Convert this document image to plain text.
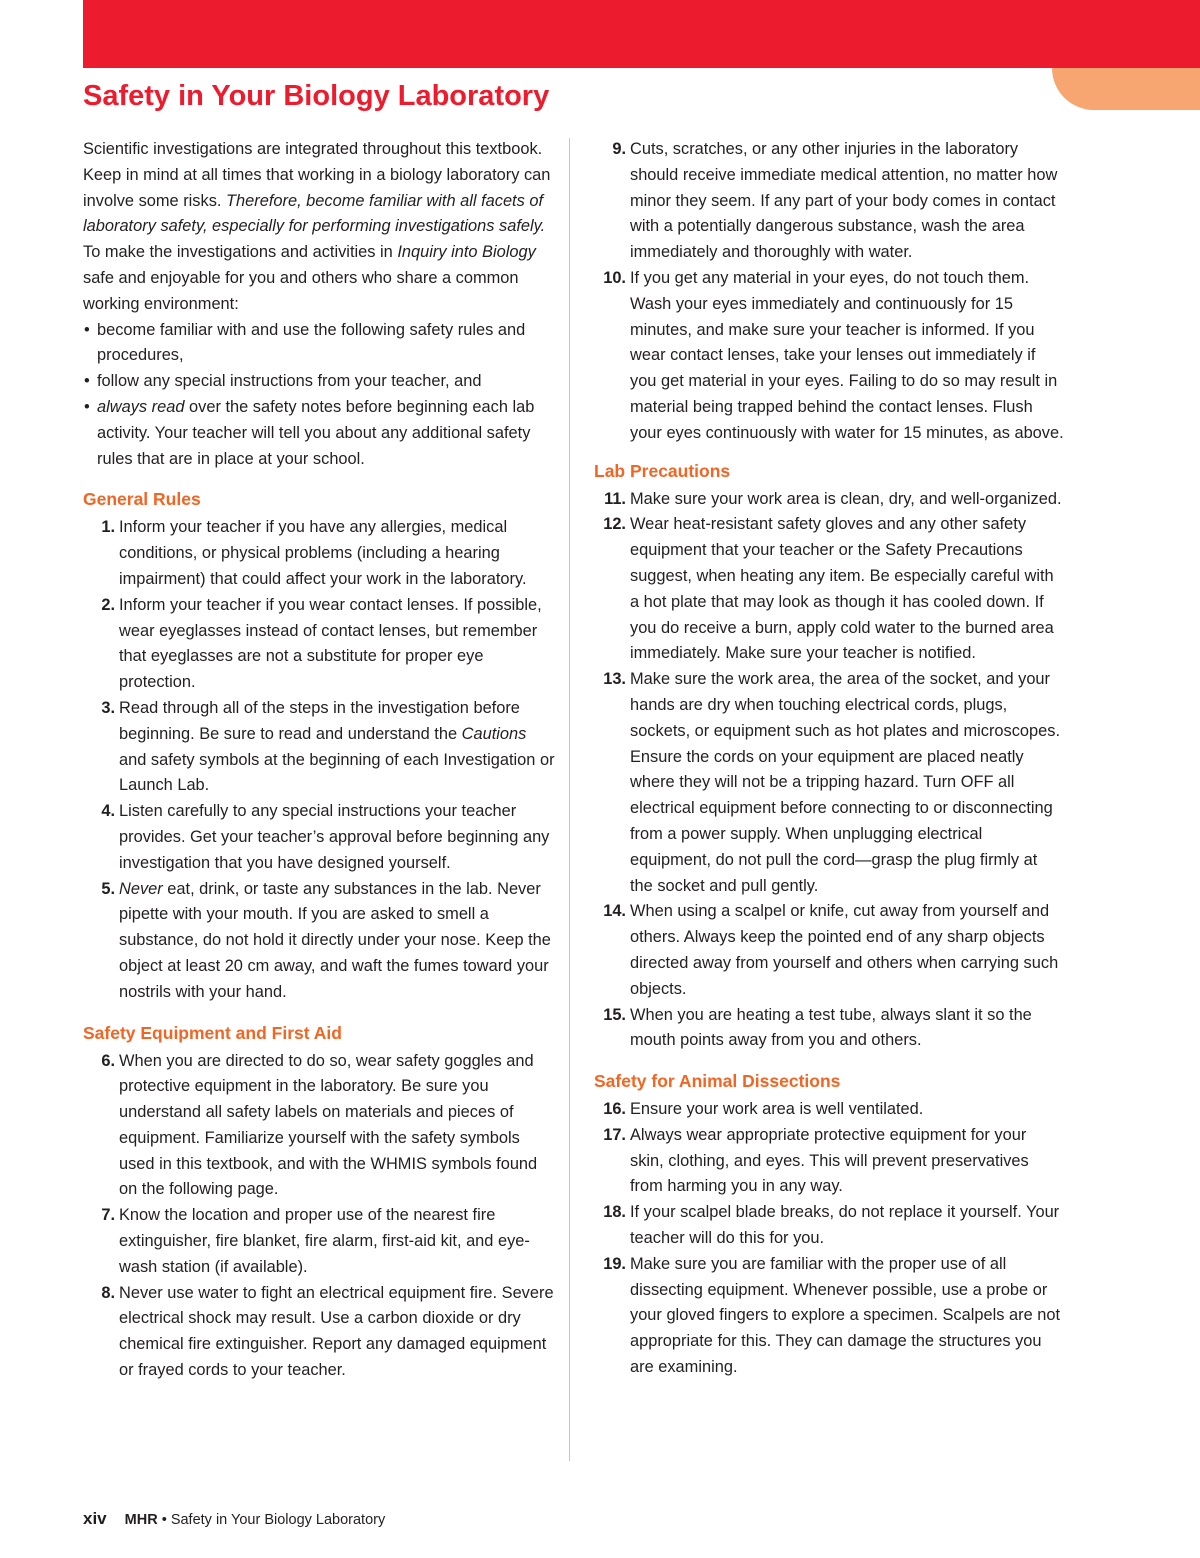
Safety in Your Biology Laboratory

Scientific investigations are integrated throughout this textbook. Keep in mind at all times that working in a biology laboratory can involve some risks. Therefore, become familiar with all facets of laboratory safety, especially for performing investigations safely. To make the investigations and activities in Inquiry into Biology safe and enjoyable for you and others who share a common working environment:

• become familiar with and use the following safety rules and procedures,
• follow any special instructions from your teacher, and
• always read over the safety notes before beginning each lab activity. Your teacher will tell you about any additional safety rules that are in place at your school.
General Rules
1. Inform your teacher if you have any allergies, medical conditions, or physical problems (including a hearing impairment) that could affect your work in the laboratory.
2. Inform your teacher if you wear contact lenses. If possible, wear eyeglasses instead of contact lenses, but remember that eyeglasses are not a substitute for proper eye protection.
3. Read through all of the steps in the investigation before beginning. Be sure to read and understand the Cautions and safety symbols at the beginning of each Investigation or Launch Lab.
4. Listen carefully to any special instructions your teacher provides. Get your teacher’s approval before beginning any investigation that you have designed yourself.
5. Never eat, drink, or taste any substances in the lab. Never pipette with your mouth. If you are asked to smell a substance, do not hold it directly under your nose. Keep the object at least 20 cm away, and waft the fumes toward your nostrils with your hand.
Safety Equipment and First Aid
6. When you are directed to do so, wear safety goggles and protective equipment in the laboratory. Be sure you understand all safety labels on materials and pieces of equipment. Familiarize yourself with the safety symbols used in this textbook, and with the WHMIS symbols found on the following page.
7. Know the location and proper use of the nearest fire extinguisher, fire blanket, fire alarm, first-aid kit, and eye-wash station (if available).
8. Never use water to fight an electrical equipment fire. Severe electrical shock may result. Use a carbon dioxide or dry chemical fire extinguisher. Report any damaged equipment or frayed cords to your teacher.
9. Cuts, scratches, or any other injuries in the laboratory should receive immediate medical attention, no matter how minor they seem. If any part of your body comes in contact with a potentially dangerous substance, wash the area immediately and thoroughly with water.
10. If you get any material in your eyes, do not touch them. Wash your eyes immediately and continuously for 15 minutes, and make sure your teacher is informed. If you wear contact lenses, take your lenses out immediately if you get material in your eyes. Failing to do so may result in material being trapped behind the contact lenses. Flush your eyes continuously with water for 15 minutes, as above.
Lab Precautions
11. Make sure your work area is clean, dry, and well-organized.
12. Wear heat-resistant safety gloves and any other safety equipment that your teacher or the Safety Precautions suggest, when heating any item. Be especially careful with a hot plate that may look as though it has cooled down. If you do receive a burn, apply cold water to the burned area immediately. Make sure your teacher is notified.
13. Make sure the work area, the area of the socket, and your hands are dry when touching electrical cords, plugs, sockets, or equipment such as hot plates and microscopes. Ensure the cords on your equipment are placed neatly where they will not be a tripping hazard. Turn OFF all electrical equipment before connecting to or disconnecting from a power supply. When unplugging electrical equipment, do not pull the cord—grasp the plug firmly at the socket and pull gently.
14. When using a scalpel or knife, cut away from yourself and others. Always keep the pointed end of any sharp objects directed away from yourself and others when carrying such objects.
15. When you are heating a test tube, always slant it so the mouth points away from you and others.
Safety for Animal Dissections
16. Ensure your work area is well ventilated.
17. Always wear appropriate protective equipment for your skin, clothing, and eyes. This will prevent preservatives from harming you in any way.
18. If your scalpel blade breaks, do not replace it yourself. Your teacher will do this for you.
19. Make sure you are familiar with the proper use of all dissecting equipment. Whenever possible, use a probe or your gloved fingers to explore a specimen. Scalpels are not appropriate for this. They can damage the structures you are examining.
xiv MHR • Safety in Your Biology Laboratory
